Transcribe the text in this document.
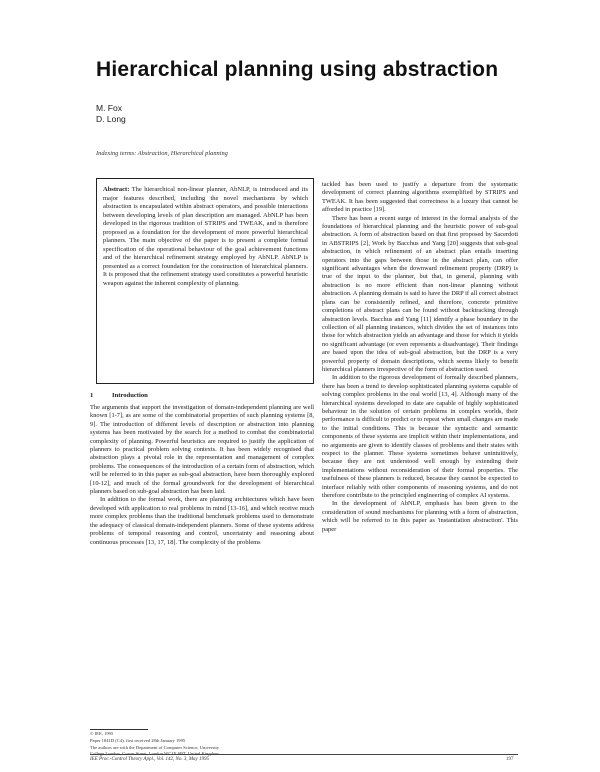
Hierarchical planning using abstraction
M. Fox
D. Long
Indexing terms: Abstraction, Hierarchical planning

Abstract: The hierarchical non-linear planner, AbNLP, is introduced and its major features described, including the novel mechanisms by which abstraction is encapsulated within abstract operators, and possible interactions between developing levels of plan description are managed. AbNLP has been developed in the rigorous tradition of STRIPS and TWEAK, and is therefore proposed as a foundation for the development of more powerful hierarchical planners. The main objective of the paper is to present a complete formal specification of the operational behaviour of the goal achievement functions and of the hierarchical refinement strategy employed by AbNLP. AbNLP is presented as a correct foundation for the construction of hierarchical planners. It is proposed that the refinement strategy used constitutes a powerful heuristic weapon against the inherent complexity of planning.

1	Introduction

The arguments that support the investigation of domain-independent planning are well known [1-7], as are some of the combinatorial properties of such planning systems [8, 9]. The introduction of different levels of description or abstraction into planning systems has been motivated by the search for a method to combat the combinatorial complexity of planning. Powerful heuristics are required to justify the application of planners to practical problem solving contexts. It has been widely recognised that abstraction plays a pivotal role in the representation and management of complex problems. The consequences of the introduction of a certain form of abstraction, which will be referred to in this paper as sub-goal abstraction, have been thoroughly explored [10-12], and much of the formal groundwork for the development of hierarchical planners based on sub-goal abstraction has been laid.

In addition to the formal work, there are planning architectures which have been developed with application to real problems in mind [13-16], and which receive much more complex problems than the traditional benchmark problems used to demonstrate the adequacy of classical domain-independent planners. Some of these systems address problems of temporal reasoning and control, uncertainty and reasoning about continuous processes [13, 17, 18]. The complexity of the problems

tackled has been used to justify a departure from the systematic development of correct planning algorithms exemplified by STRIPS and TWEAK. It has been suggested that correctness is a luxury that cannot be afforded in practice [19].

There has been a recent surge of interest in the formal analysis of the foundations of hierarchical planning and the heuristic power of sub-goal abstraction. A form of abstraction based on that first proposed by Sacerdoti in ABSTRIPS [2], Work by Bacchus and Yang [20] suggests that sub-goal abstraction, in which refinement of an abstract plan entails inserting operators into the gaps between those in the abstract plan, can offer significant advantages when the downward refinement property (DRP) is true of the input to the planner, but that, in general, planning with abstraction is no more efficient than non-linear planning without abstraction. A planning domain is said to have the DRP if all correct abstract plans can be consistently refined, and therefore, concrete primitive completions of abstract plans can be found without backtracking through abstraction levels. Bacchus and Yang [11] identify a phase boundary in the collection of all planning instances, which divides the set of instances into those for which abstraction yields an advantage and those for which it yields no significant advantage (or even represents a disadvantage). Their findings are based upon the idea of sub-goal abstraction, but the DRP is a very powerful property of domain descriptions, which seems likely to benefit hierarchical planners irrespective of the form of abstraction used.

In addition to the rigorous development of formally described planners, there has been a trend to develop sophisticated planning systems capable of solving complex problems in the real world [13, 4]. Although many of the hierarchical systems developed to date are capable of highly sophisticated behaviour in the solution of certain problems in complex worlds, their performance is difficult to predict or to repeat when small changes are made to the initial conditions. This is because the syntactic and semantic components of these systems are implicit within their implementations, and no arguments are given to identify classes of problems and their states with respect to the planner. These systems sometimes behave unintuitively, because they are not understood well enough by extending their implementations without reconsideration of their formal properties. The usefulness of these planners is reduced, because they cannot be expected to interface reliably with other components of reasoning systems, and do not therefore contribute to the principled engineering of complex AI systems.

In the development of AbNLP, emphasis has been given to the consideration of sound mechanisms for planning with a form of abstraction, which will be referred to in this paper as 'instantiation abstraction'. This paper

© IEE, 1995
Paper 1841D (C4), first received 28th January 1995
The authors are with the Department of Computer Science, University
College London, Gower Street, London WC1E 6BT, United Kingdom
IEE Proc.-Control Theory Appl., Vol. 142, No. 3, May 1995	197
